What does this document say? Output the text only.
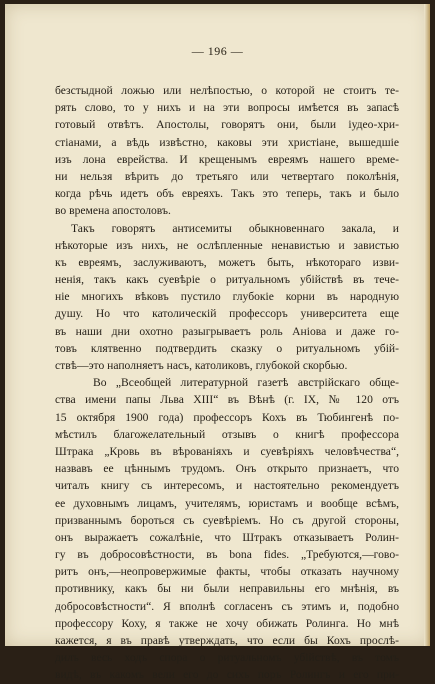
— 196 —
безстыдной ложью или нелѣпостью, о которой не стоитъ те-
рять слово, то у нихъ и на эти вопросы имѣется въ запасѣ
готовый отвѣтъ. Апостолы, говорятъ они, были іудео-хри-
стіанами, а вѣдь извѣстно, каковы эти христіане, вышедшіе
изъ лона еврейства. И крещенымъ евреямъ нашего време-
ни нельзя вѣрить до третьяго или четвертаго поколѣнія,
когда рѣчь идетъ объ евреяхъ. Такъ это теперь, такъ и было
во времена апостоловъ.
Такъ говорятъ антисемиты обыкновеннаго закала, и
нѣкоторые изъ нихъ, не ослѣпленные ненавистью и завистью
къ евреямъ, заслуживаютъ, можетъ быть, нѣкотораго изви-
ненія, такъ какъ суевѣріе о ритуальномъ убійствѣ въ тече-
ніе многихъ вѣковъ пустило глубокіе корни въ народную
душу. Но что католическій профессоръ университета еще
въ наши дни охотно разыгрываетъ роль Аніова и даже го-
товъ клятвенно подтвердить сказку о ритуальномъ убій-
ствѣ—это наполняетъ насъ, католиковъ, глубокой скорбью.
Во „Всеобщей литературной газетѣ австрійскаго обще-
ства имени папы Льва XIII“ въ Вѣнѣ (г. IX, № 120 отъ
15 октября 1900 года) профессоръ Кохъ въ Тюбингенѣ по-
мѣстилъ благожелательный отзывъ о книгѣ профессора
Штрака „Кровь въ вѣрованіяхъ и суевѣріяхъ человѣчества“,
назвавъ ее цѣннымъ трудомъ. Онъ открыто признаетъ, что
читалъ книгу съ интересомъ, и настоятельно рекомендуетъ
ее духовнымъ лицамъ, учителямъ, юристамъ и вообще всѣмъ,
призваннымъ бороться съ суевѣріемъ. Но съ другой стороны,
онъ выражаетъ сожалѣніе, что Штракъ отказываетъ Ролин-
гу въ добросовѣстности, въ bona fides. „Требуются,—гово-
ритъ онъ,—неопровержимые факты, чтобы отказать научному
противнику, какъ бы ни были неправильны его мнѣнія, въ
добросовѣстности“. Я вполнѣ согласенъ съ этимъ и, подобно
профессору Коху, я также не хочу обижать Ролинга. Но мнѣ
кажется, я въ правѣ утверждать, что если бы Кохъ прослѣ-
дилъ весь ходъ спора о ритуальномъ убійствѣ, въ томъ
видѣ, въ какомъ вели его до сихъ поръ Ролингъ и его при-
